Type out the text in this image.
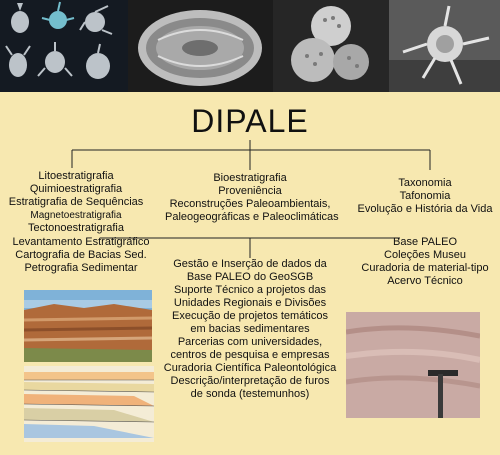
DIPALE
Litoestratigrafia
Quimioestratigrafia
Estratigrafia de Sequências
Magnetoestratigrafia
Tectonoestratigrafia
Levantamento Estratigráfico
Cartografia de Bacias Sed.
Petrografia Sedimentar
Bioestratigrafia
Proveniência
Reconstruções Paleoambientais,
Paleogeográficas e Paleoclimáticas
Taxonomia
Tafonomia
Evolução e História da Vida
Base PALEO
Coleções Museu
Curadoria de material-tipo
Acervo Técnico
Gestão e Inserção de dados da
Base PALEO do GeoSGB
Suporte Técnico a projetos das
Unidades Regionais e Divisões
Execução de projetos temáticos
em bacias sedimentares
Parcerias com universidades,
centros de pesquisa e empresas
Curadoria Científica Paleontológica
Descrição/interpretação de furos
de sonda (testemunhos)
